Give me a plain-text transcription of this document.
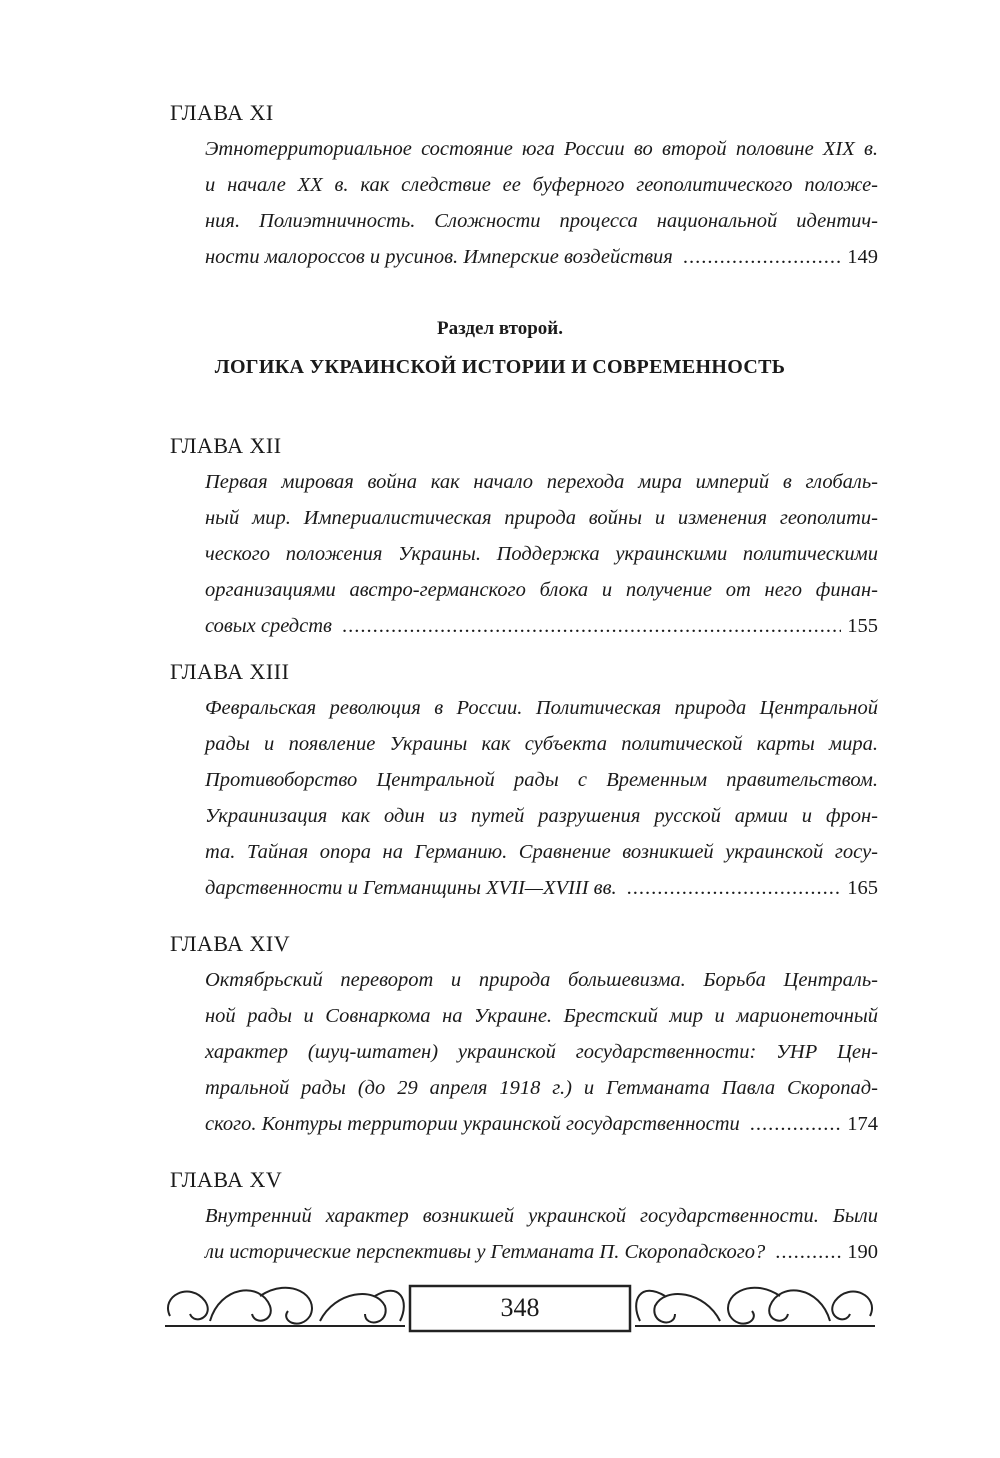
ГЛАВА XI
Этнотерриториальное состояние юга России во второй половине XIX в.
и начале XX в. как следствие ее буферного геополитического положе-
ния. Полиэтничность. Сложности процесса национальной идентич-
ности малороссов и русинов. Имперские воздействия .....	149
ГЛАВА XII
Первая мировая война как начало перехода мира империй в глобаль-
ный мир. Империалистическая природа войны и изменения геополити-
ческого положения Украины. Поддержка украинскими политическими
организациями австро-германского блока и получение от него финан-
совых средств .....	155
ГЛАВА XIII
Февральская революция в России. Политическая природа Центральной
рады и появление Украины как субъекта политической карты мира.
Противоборство Центральной рады с Временным правительством.
Украинизация как один из путей разрушения русской армии и фрон-
та. Тайная опора на Германию. Сравнение возникшей украинской госу-
дарственности и Гетманщины XVII—XVIII вв. .....	165
ГЛАВА XIV
Октябрьский переворот и природа большевизма. Борьба Централь-
ной рады и Совнаркома на Украине. Брестский мир и марионеточный
характер (шуц-штатен) украинской государственности: УНР Цен-
тральной рады (до 29 апреля 1918 г.) и Гетманата Павла Скоропад-
ского. Контуры территории украинской государственности .....	174
ГЛАВА XV
Внутренний характер возникшей украинской государственности. Были
ли исторические перспективы у Гетманата П. Скоропадского? .....	190
Раздел второй.
ЛОГИКА УКРАИНСКОЙ ИСТОРИИ И СОВРЕМЕННОСТЬ
348
